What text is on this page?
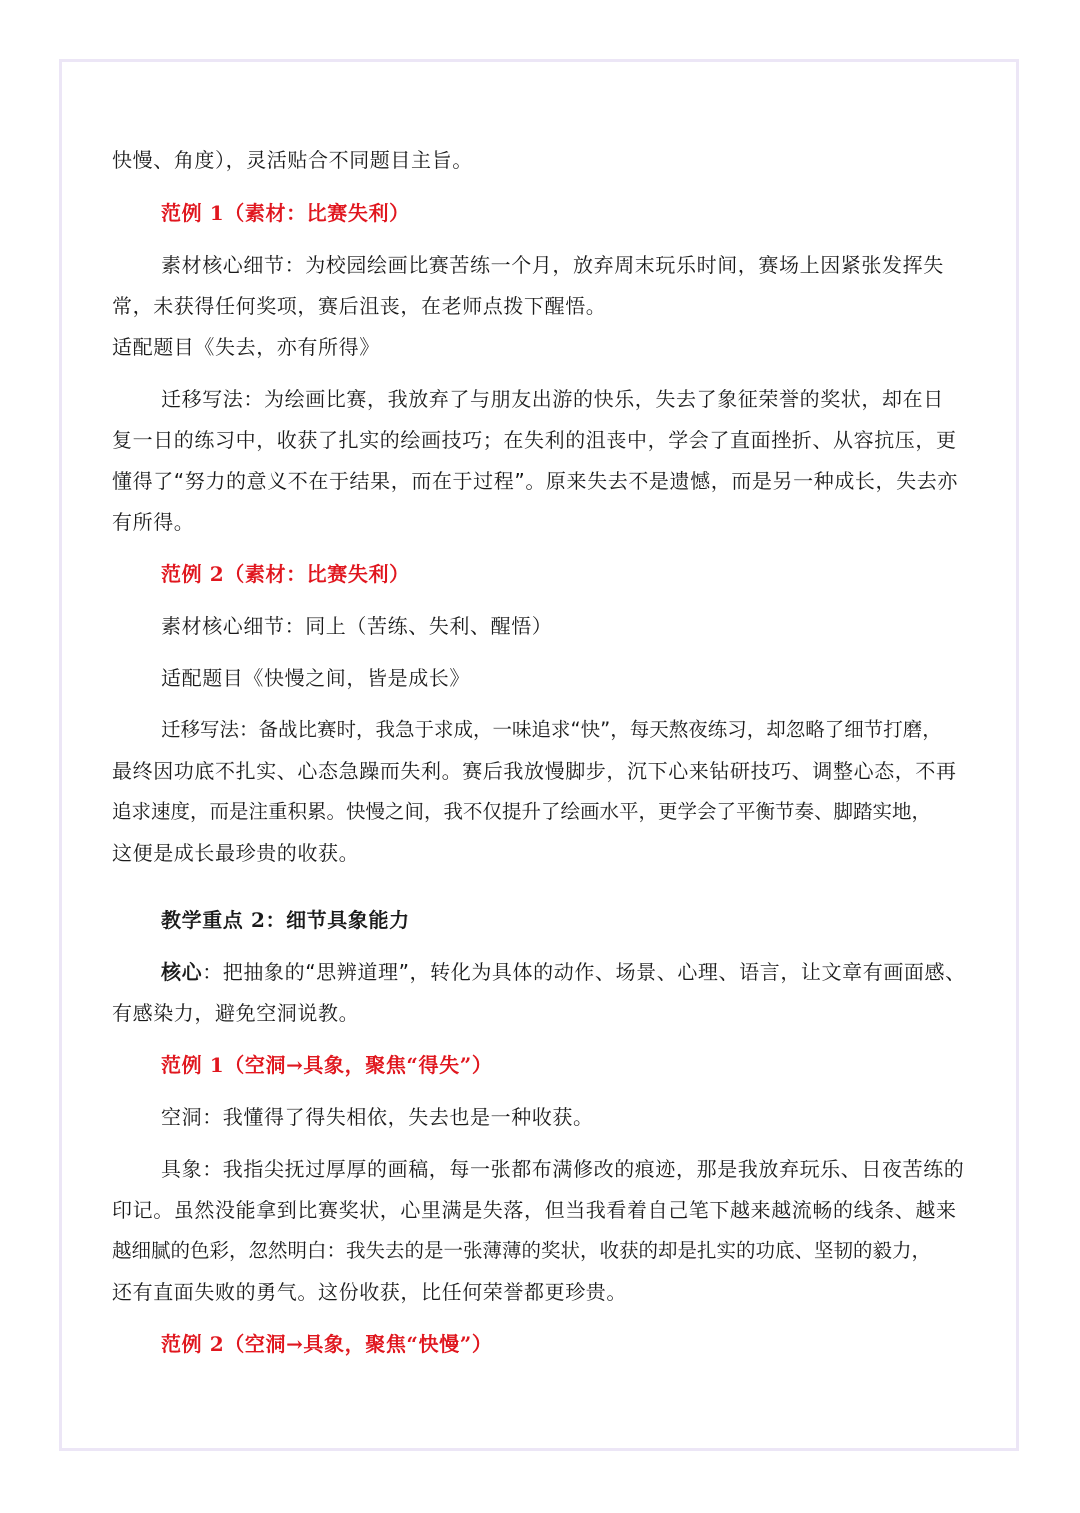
快慢、角度），灵活贴合不同题目主旨。
范例 1（素材：比赛失利）
素材核心细节：为校园绘画比赛苦练一个月，放弃周末玩乐时间，赛场上因紧张发挥失
常，未获得任何奖项，赛后沮丧，在老师点拨下醒悟。
适配题目《失去，亦有所得》
迁移写法：为绘画比赛，我放弃了与朋友出游的快乐，失去了象征荣誉的奖状，却在日
复一日的练习中，收获了扎实的绘画技巧；在失利的沮丧中，学会了直面挫折、从容抗压，更
懂得了“努力的意义不在于结果，而在于过程”。原来失去不是遗憾，而是另一种成长，失去亦
有所得。
范例 2（素材：比赛失利）
素材核心细节：同上（苦练、失利、醒悟）
适配题目《快慢之间，皆是成长》
迁移写法：备战比赛时，我急于求成，一味追求“快”，每天熬夜练习，却忽略了细节打磨，
最终因功底不扎实、心态急躁而失利。赛后我放慢脚步，沉下心来钻研技巧、调整心态，不再
追求速度，而是注重积累。快慢之间，我不仅提升了绘画水平，更学会了平衡节奏、脚踏实地，
这便是成长最珍贵的收获。
教学重点 2：细节具象能力
核心：把抽象的“思辨道理”，转化为具体的动作、场景、心理、语言，让文章有画面感、
有感染力，避免空洞说教。
范例 1（空洞→具象，聚焦“得失”）
空洞：我懂得了得失相依，失去也是一种收获。
具象：我指尖抚过厚厚的画稿，每一张都布满修改的痕迹，那是我放弃玩乐、日夜苦练的
印记。虽然没能拿到比赛奖状，心里满是失落，但当我看着自己笔下越来越流畅的线条、越来
越细腻的色彩，忽然明白：我失去的是一张薄薄的奖状，收获的却是扎实的功底、坚韧的毅力，
还有直面失败的勇气。这份收获，比任何荣誉都更珍贵。
范例 2（空洞→具象，聚焦“快慢”）
